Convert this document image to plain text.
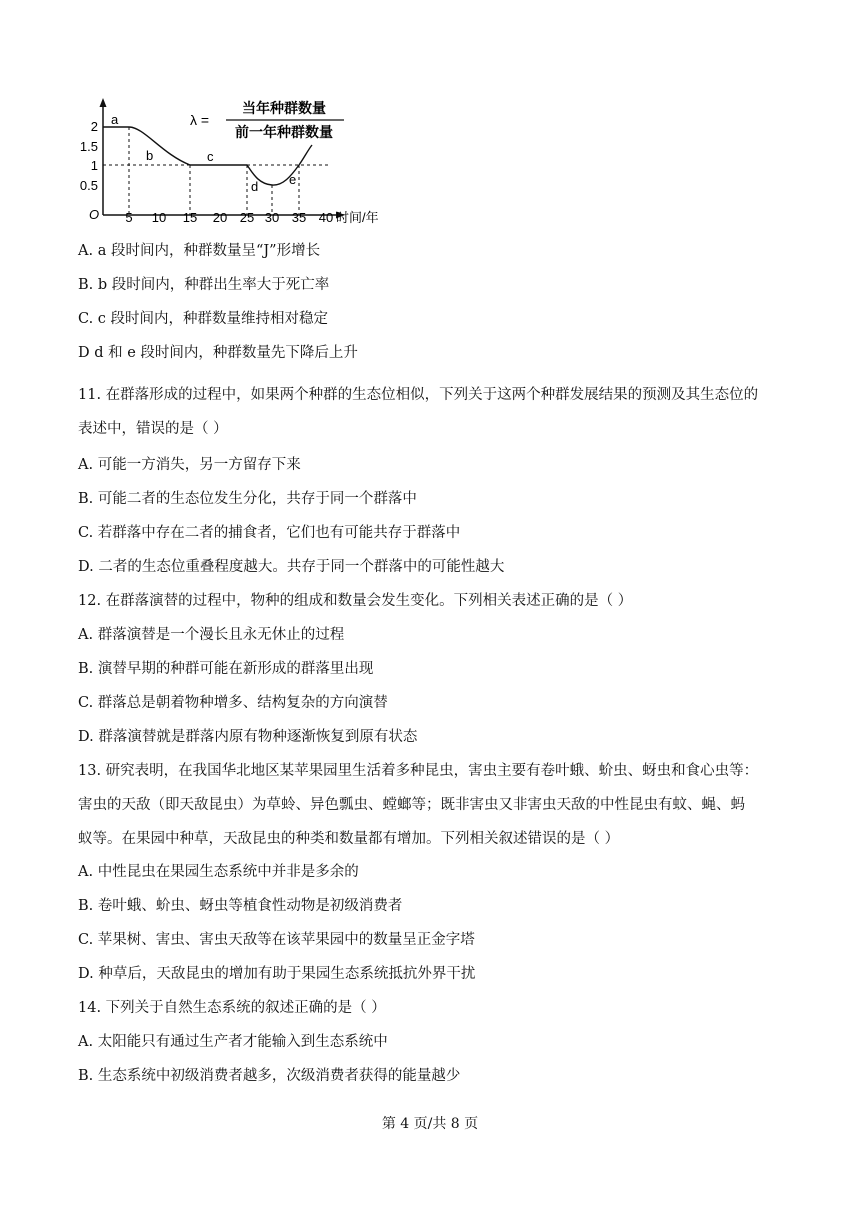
2
1.5
1
0.5
O 5 10 15 20 25 30 35 40 时间/年
a
b	c
d e
λ =
当年种群数量
前一年种群数量
A. a 段时间内，种群数量呈“J”形增长
B. b 段时间内，种群出生率大于死亡率
C. c 段时间内，种群数量维持相对稳定
D d 和 e 段时间内，种群数量先下降后上升
11. 在群落形成的过程中，如果两个种群的生态位相似，下列关于这两个种群发展结果的预测及其生态位的
表述中，错误的是（ ）
A. 可能一方消失，另一方留存下来
B. 可能二者的生态位发生分化，共存于同一个群落中
C. 若群落中存在二者的捕食者，它们也有可能共存于群落中
D. 二者的生态位重叠程度越大。共存于同一个群落中的可能性越大
12. 在群落演替的过程中，物种的组成和数量会发生变化。下列相关表述正确的是（ ）
A. 群落演替是一个漫长且永无休止的过程
B. 演替早期的种群可能在新形成的群落里出现
C. 群落总是朝着物种增多、结构复杂的方向演替
D. 群落演替就是群落内原有物种逐渐恢复到原有状态
13. 研究表明，在我国华北地区某苹果园里生活着多种昆虫，害虫主要有卷叶蛾、蚧虫、蚜虫和食心虫等：
害虫的天敌（即天敌昆虫）为草蛉、异色瓢虫、螳螂等；既非害虫又非害虫天敌的中性昆虫有蚊、蝇、蚂
蚁等。在果园中种草，天敌昆虫的种类和数量都有增加。下列相关叙述错误的是（ ）
A. 中性昆虫在果园生态系统中并非是多余的
B. 卷叶蛾、蚧虫、蚜虫等植食性动物是初级消费者
C. 苹果树、害虫、害虫天敌等在该苹果园中的数量呈正金字塔
D. 种草后，天敌昆虫的增加有助于果园生态系统抵抗外界干扰
14. 下列关于自然生态系统的叙述正确的是（ ）
A. 太阳能只有通过生产者才能输入到生态系统中
B. 生态系统中初级消费者越多，次级消费者获得的能量越少
第 4 页/共 8 页
